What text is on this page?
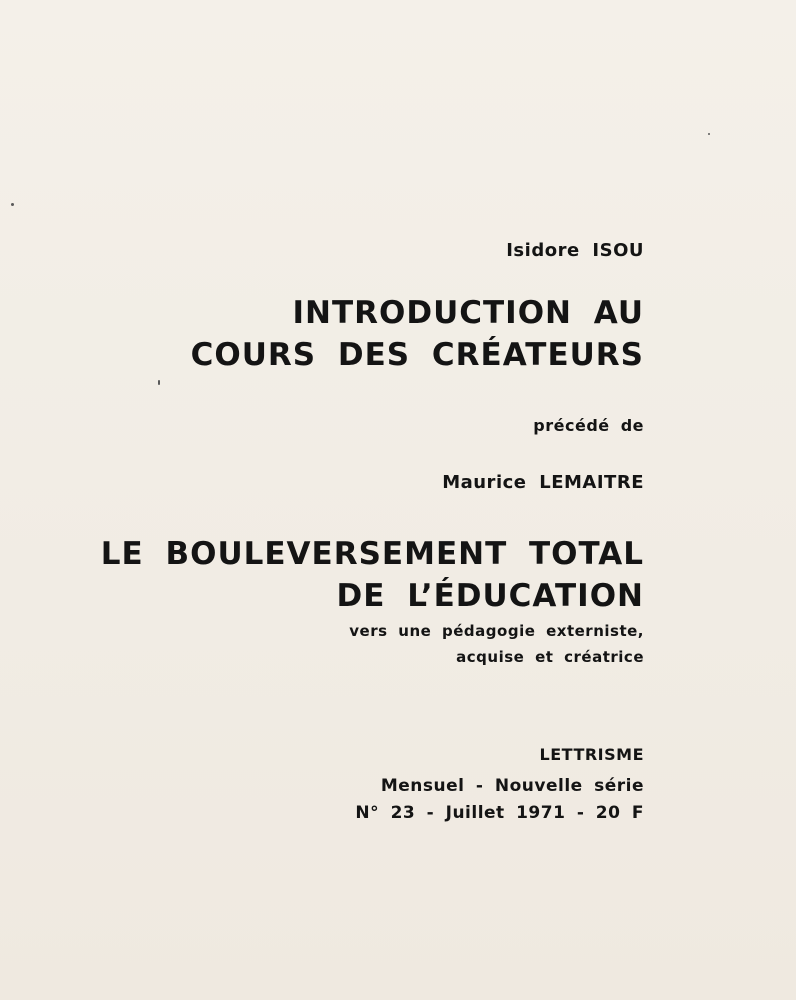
Isidore ISOU
INTRODUCTION AU
COURS DES CRÉATEURS
précédé de
Maurice LEMAITRE
LE BOULEVERSEMENT TOTAL
DE L’ÉDUCATION
vers une pédagogie externiste,
acquise et créatrice
LETTRISME
Mensuel - Nouvelle série
N° 23 - Juillet 1971 - 20 F
